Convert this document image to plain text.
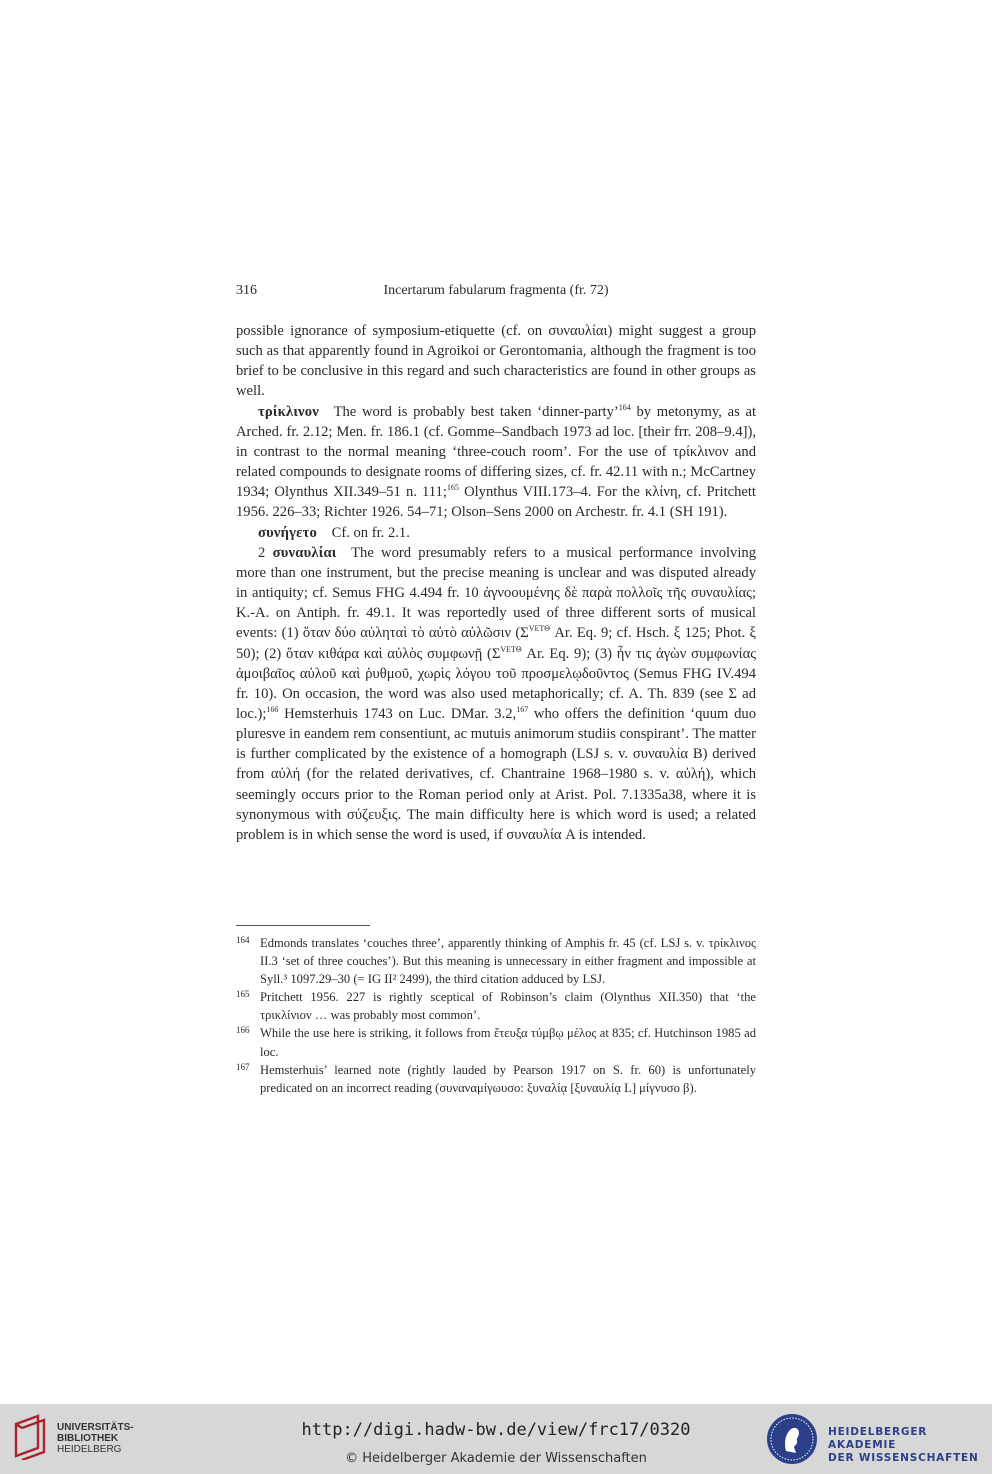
316	Incertarum fabularum fragmenta (fr. 72)

possible ignorance of symposium-etiquette (cf. on συναυλίαι) might suggest a group such as that apparently found in Agroikoi or Gerontomania, although the fragment is too brief to be conclusive in this regard and such characteristics are found in other groups as well.

τρίκλινον  The word is probably best taken ‘dinner-party’$^{164}$ by metonymy, as at Arched. fr. 2.12; Men. fr. 186.1 (cf. Gomme–Sandbach 1973 ad loc. [their frr. 208–9.4]), in contrast to the normal meaning ‘three-couch room’. For the use of τρίκλινον and related compounds to designate rooms of differing sizes, cf. fr. 42.11 with n.; McCartney 1934; Olynthus XII.349–51 n. 111;$^{165}$ Olynthus VIII.173–4. For the κλίνη, cf. Pritchett 1956. 226–33; Richter 1926. 54–71; Olson–Sens 2000 on Archestr. fr. 4.1 (SH 191).

συνήγετο  Cf. on fr. 2.1.

2  συναυλίαι  The word presumably refers to a musical performance involving more than one instrument, but the precise meaning is unclear and was disputed already in antiquity; cf. Semus FHG 4.494 fr. 10 ἀγνοουμένης δὲ παρὰ πολλοῖς τῆς συναυλίας; K.-A. on Antiph. fr. 49.1. It was reportedly used of three different sorts of musical events: (1) ὅταν δύο αὐληταὶ τὸ αὐτὸ αὐλῶσιν ($\Sigma^{VET\Theta}$ Ar. Eq. 9; cf. Hsch. ξ 125; Phot. ξ 50); (2) ὅταν κιθάρα καὶ αὐλὸς συμφωνῇ ($\Sigma^{VET\Theta}$ Ar. Eq. 9); (3) ἦν τις ἀγὼν συμφωνίας ἀμοιβαῖος αὐλοῦ καὶ ῥυθμοῦ, χωρὶς λόγου τοῦ προσμελῳδοῦντος (Semus FHG IV.494 fr. 10). On occasion, the word was also used metaphorically; cf. A. Th. 839 (see Σ ad loc.);$^{166}$ Hemsterhuis 1743 on Luc. DMar. 3.2,$^{167}$ who offers the definition ‘quum duo pluresve in eandem rem consentiunt, ac mutuis animorum studiis conspirant’. The matter is further complicated by the existence of a homograph (LSJ s. v. συναυλία B) derived from αὐλή (for the related derivatives, cf. Chantraine 1968–1980 s. v. αὐλή), which seemingly occurs prior to the Roman period only at Arist. Pol. 7.1335a38, where it is synonymous with σύζευξις. The main difficulty here is which word is used; a related problem is in which sense the word is used, if συναυλία A is intended.

164 Edmonds translates ‘couches three’, apparently thinking of Amphis fr. 45 (cf. LSJ s. v. τρίκλινος II.3 ‘set of three couches’). But this meaning is unnecessary in either fragment and impossible at Syll.³ 1097.29–30 (= IG II² 2499), the third citation adduced by LSJ.

165 Pritchett 1956. 227 is rightly sceptical of Robinson’s claim (Olynthus XII.350) that ‘the τρικλίνιον … was probably most common’.

166 While the use here is striking, it follows from ἔτευξα τύμβῳ μέλος at 835; cf. Hutchinson 1985 ad loc.

167 Hemsterhuis’ learned note (rightly lauded by Pearson 1917 on S. fr. 60) is unfortunately predicated on an incorrect reading (συναναμίγωυσο: ξυναλίᾳ [ξυναυλίᾳ L] μίγνυσο β).

UNIVERSITÄTS-
BIBLIOTHEK
HEIDELBERG
http://digi.hadw-bw.de/view/frc17/0320
© Heidelberger Akademie der Wissenschaften
HEIDELBERGER AKADEMIE
DER WISSENSCHAFTEN
